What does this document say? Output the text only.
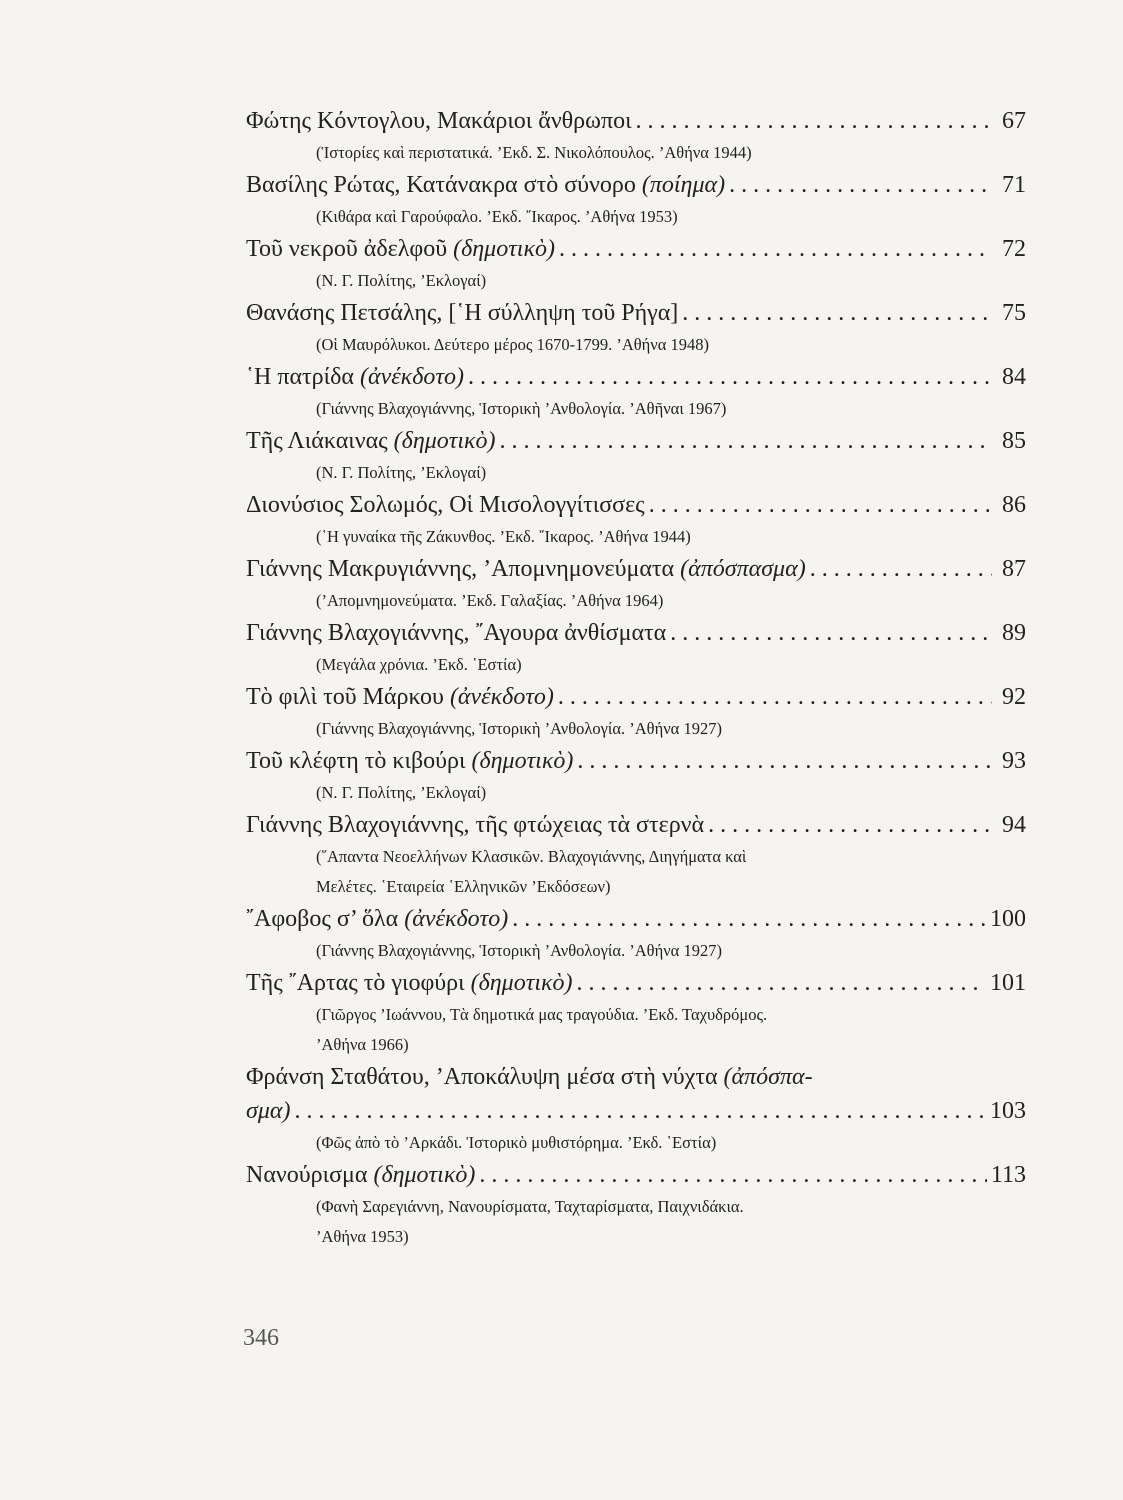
Φώτης Κόντογλου, Μακάριοι ἄνθρωποι . . .	67
(Ἱστορίες καὶ περιστατικά. ’Εκδ. Σ. Νικολόπουλος. ’Αθήνα 1944)
Βασίλης Ρώτας, Κατάνακρα στὸ σύνορο (ποίημα) . . .	71
(Κιθάρα καὶ Γαρούφαλο. ’Εκδ. ῎Ικαρος. ’Αθήνα 1953)
Τοῦ νεκροῦ ἀδελφοῦ (δημοτικὸ) . . .	72
(Ν. Γ. Πολίτης, ’Εκλογαί)
Θανάσης Πετσάλης, [῾Η σύλληψη τοῦ Ρήγα] . . .	75
(Οἱ Μαυρόλυκοι. Δεύτερο μέρος 1670-1799. ’Αθήνα 1948)
῾Η πατρίδα (ἀνέκδοτο) . . .	84
(Γιάννης Βλαχογιάννης, Ἱστορικὴ ’Ανθολογία. ’Αθῆναι 1967)
Τῆς Λιάκαινας (δημοτικὸ) . . .	85
(Ν. Γ. Πολίτης, ’Εκλογαί)
Διονύσιος Σολωμός, Οἱ Μισολογγίτισσες . . .	86
(῾Η γυναίκα τῆς Ζάκυνθος. ’Εκδ. ῎Ικαρος. ’Αθήνα 1944)
Γιάννης Μακρυγιάννης, ’Απομνημονεύματα (ἀπόσπασμα) . . .	87
(’Απομνημονεύματα. ’Εκδ. Γαλαξίας. ’Αθήνα 1964)
Γιάννης Βλαχογιάννης, ῎Αγουρα ἀνθίσματα . . .	89
(Μεγάλα χρόνια. ’Εκδ. ῾Εστία)
Τὸ φιλὶ τοῦ Μάρκου (ἀνέκδοτο) . . .	92
(Γιάννης Βλαχογιάννης, Ἱστορικὴ ’Ανθολογία. ’Αθήνα 1927)
Τοῦ κλέφτη τὸ κιβούρι (δημοτικὸ) . . .	93
(Ν. Γ. Πολίτης, ’Εκλογαί)
Γιάννης Βλαχογιάννης, τῆς φτώχειας τὰ στερνὰ . . .	94
(῞Απαντα Νεοελλήνων Κλασικῶν. Βλαχογιάννης, Διηγήματα καὶ
Μελέτες. ῾Εταιρεία ῾Ελληνικῶν ’Εκδόσεων)
῎Αφοβος σ’ ὅλα (ἀνέκδοτο) . . .	100
(Γιάννης Βλαχογιάννης, Ἱστορικὴ ’Ανθολογία. ’Αθήνα 1927)
Τῆς ῎Αρτας τὸ γιοφύρι (δημοτικὸ) . . .	101
(Γιῶργος ’Ιωάννου, Τὰ δημοτικά μας τραγούδια. ’Εκδ. Ταχυδρόμος.
’Αθήνα 1966)
Φράνση Σταθάτου, ’Αποκάλυψη μέσα στὴ νύχτα (ἀπόσπα-
σμα) . . .	103
(Φῶς ἀπὸ τὸ ’Αρκάδι. Ἱστορικὸ μυθιστόρημα. ’Εκδ. ῾Εστία)
Νανούρισμα (δημοτικὸ) . . .	113
(Φανὴ Σαρεγιάννη, Νανουρίσματα, Ταχταρίσματα, Παιχνιδάκια.
’Αθήνα 1953)
346
